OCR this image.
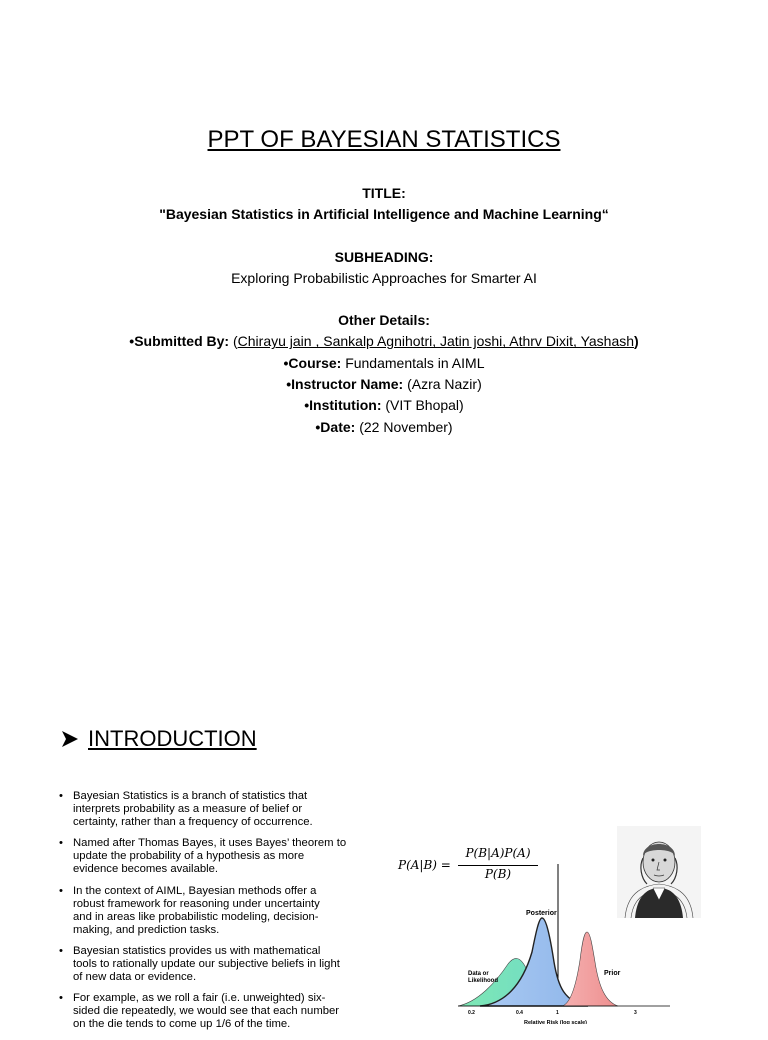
PPT OF BAYESIAN STATISTICS
TITLE:
"Bayesian Statistics in Artificial Intelligence and Machine Learning“
SUBHEADING:
Exploring Probabilistic Approaches for Smarter AI
Other Details:
•Submitted By: (Chirayu jain , Sankalp Agnihotri, Jatin joshi, Athrv Dixit, Yashash)
•Course: Fundamentals in AIML
•Instructor Name: (Azra Nazir)
•Institution: (VIT Bhopal)
•Date: (22 November)
INTRODUCTION
• Bayesian Statistics is a branch of statistics that
interprets probability as a measure of belief or
certainty, rather than a frequency of occurrence.
• Named after Thomas Bayes, it uses Bayes’ theorem to
update the probability of a hypothesis as more
evidence becomes available.
• In the context of AIML, Bayesian methods offer a
robust framework for reasoning under uncertainty
and in areas like probabilistic modeling, decision-
making, and prediction tasks.
• Bayesian statistics provides us with mathematical
tools to rationally update our subjective beliefs in light
of new data or evidence.
• For example, as we roll a fair (i.e. unweighted) six-
sided die repeatedly, we would see that each number
on the die tends to come up 1/6 of the time.
P(A|B) =
P(B|A)P(A)
P(B)
Posterior
Prior
Data or
Likelihood
0.2	0.4	1	3
Relative Risk (log scale)
